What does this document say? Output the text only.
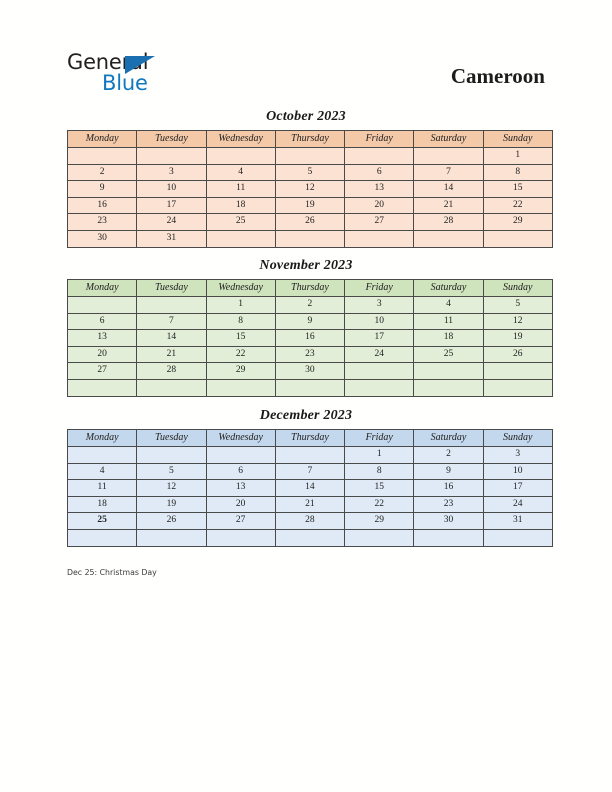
General
Blue	Cameroon
October 2023
Monday	Tuesday	Wednesday	Thursday	Friday	Saturday	Sunday
						1
2	3	4	5	6	7	8
9	10	11	12	13	14	15
16	17	18	19	20	21	22
23	24	25	26	27	28	29
30	31					
November 2023
Monday	Tuesday	Wednesday	Thursday	Friday	Saturday	Sunday
		1	2	3	4	5
6	7	8	9	10	11	12
13	14	15	16	17	18	19
20	21	22	23	24	25	26
27	28	29	30			

December 2023
Monday	Tuesday	Wednesday	Thursday	Friday	Saturday	Sunday
				1	2	3
4	5	6	7	8	9	10
11	12	13	14	15	16	17
18	19	20	21	22	23	24
25	26	27	28	29	30	31

Dec 25: Christmas Day
